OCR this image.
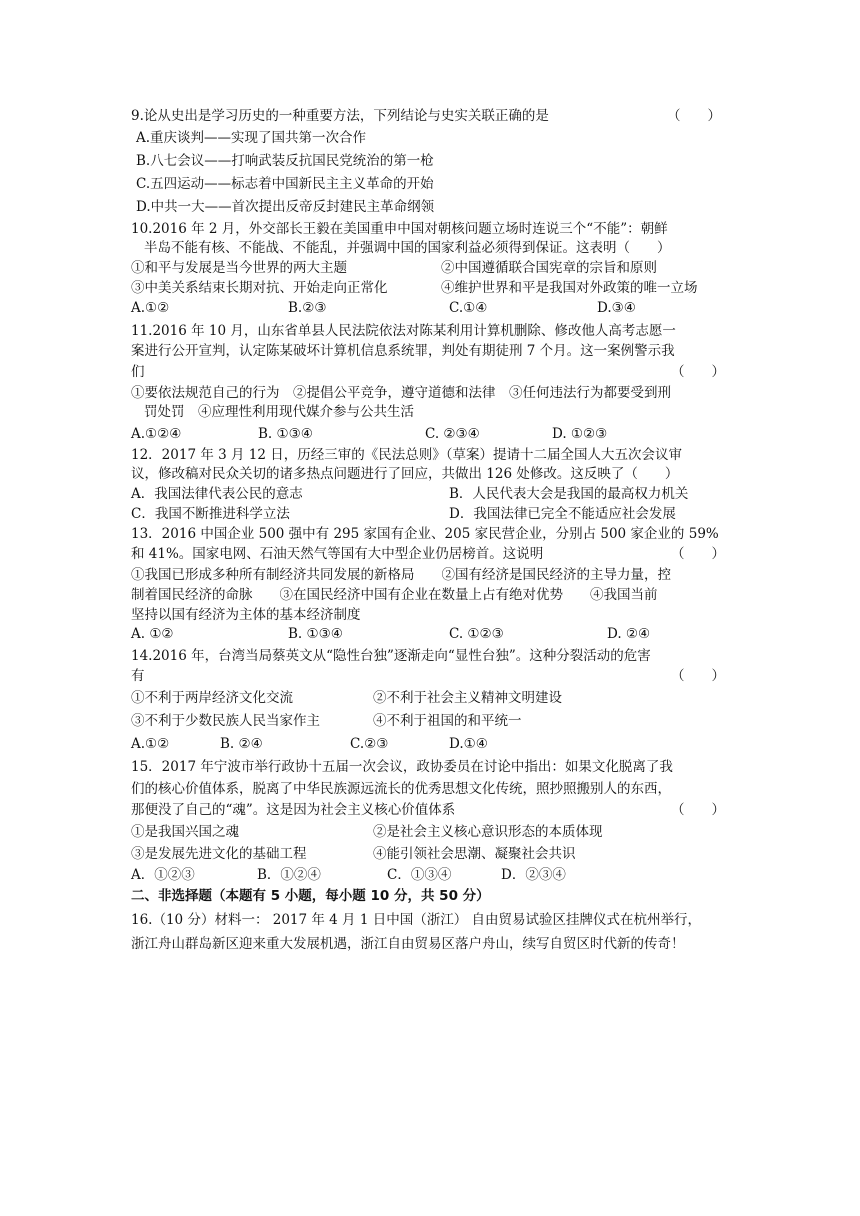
9.论从史出是学习历史的一种重要方法，下列结论与史实关联正确的是	（　　）
A.重庆谈判——实现了国共第一次合作
B.八七会议——打响武装反抗国民党统治的第一枪
C.五四运动——标志着中国新民主主义革命的开始
D.中共一大——首次提出反帝反封建民主革命纲领
10.2016 年 2 月，外交部长王毅在美国重申中国对朝核问题立场时连说三个“不能”：朝鲜
半岛不能有核、不能战、不能乱，并强调中国的国家利益必须得到保证。这表明（　　）
①和平与发展是当今世界的两大主题	②中国遵循联合国宪章的宗旨和原则
③中美关系结束长期对抗、开始走向正常化	④维护世界和平是我国对外政策的唯一立场
A.①②	B.②③	C.①④	D.③④
11.2016 年 10 月，山东省单县人民法院依法对陈某利用计算机删除、修改他人高考志愿一
案进行公开宣判，认定陈某破坏计算机信息系统罪，判处有期徒刑 7 个月。这一案例警示我
们	（　　）
①要依法规范自己的行为　②提倡公平竞争，遵守道德和法律　③任何违法行为都要受到刑
罚处罚　④应理性利用现代媒介参与公共生活
A.①②④	B. ①③④	C. ②③④	D. ①②③
12．2017 年 3 月 12 日，历经三审的《民法总则》（草案）提请十二届全国人大五次会议审
议，修改稿对民众关切的诸多热点问题进行了回应，共做出 126 处修改。这反映了（　　）
A．我国法律代表公民的意志	B．人民代表大会是我国的最高权力机关
C．我国不断推进科学立法	D．我国法律已完全不能适应社会发展
13．2016 中国企业 500 强中有 295 家国有企业、205 家民营企业，分别占 500 家企业的 59%
和 41%。国家电网、石油天然气等国有大中型企业仍居榜首。这说明	（　　）
①我国已形成多种所有制经济共同发展的新格局　　②国有经济是国民经济的主导力量，控
制着国民经济的命脉　　③在国民经济中国有企业在数量上占有绝对优势　　④我国当前
坚持以国有经济为主体的基本经济制度
A. ①②	B. ①③④	C. ①②③	D. ②④
14.2016 年，台湾当局蔡英文从“隐性台独”逐渐走向“显性台独”。这种分裂活动的危害
有	（　　）
①不利于两岸经济文化交流	②不利于社会主义精神文明建设
③不利于少数民族人民当家作主	④不利于祖国的和平统一
A.①②	B. ②④	C.②③	D.①④
15．2017 年宁波市举行政协十五届一次会议，政协委员在讨论中指出：如果文化脱离了我
们的核心价值体系，脱离了中华民族源远流长的优秀思想文化传统，照抄照搬别人的东西，
那便没了自己的“魂”。这是因为社会主义核心价值体系	（　　）
①是我国兴国之魂	②是社会主义核心意识形态的本质体现
③是发展先进文化的基础工程	④能引领社会思潮、凝聚社会共识
A．①②③	B．①②④	C．①③④	D．②③④
二、非选择题（本题有 5 小题，每小题 10 分，共 50 分）
16.（10 分）材料一： 2017 年 4 月 1 日中国（浙江） 自由贸易试验区挂牌仪式在杭州举行，
浙江舟山群岛新区迎来重大发展机遇，浙江自由贸易区落户舟山，续写自贸区时代新的传奇！
